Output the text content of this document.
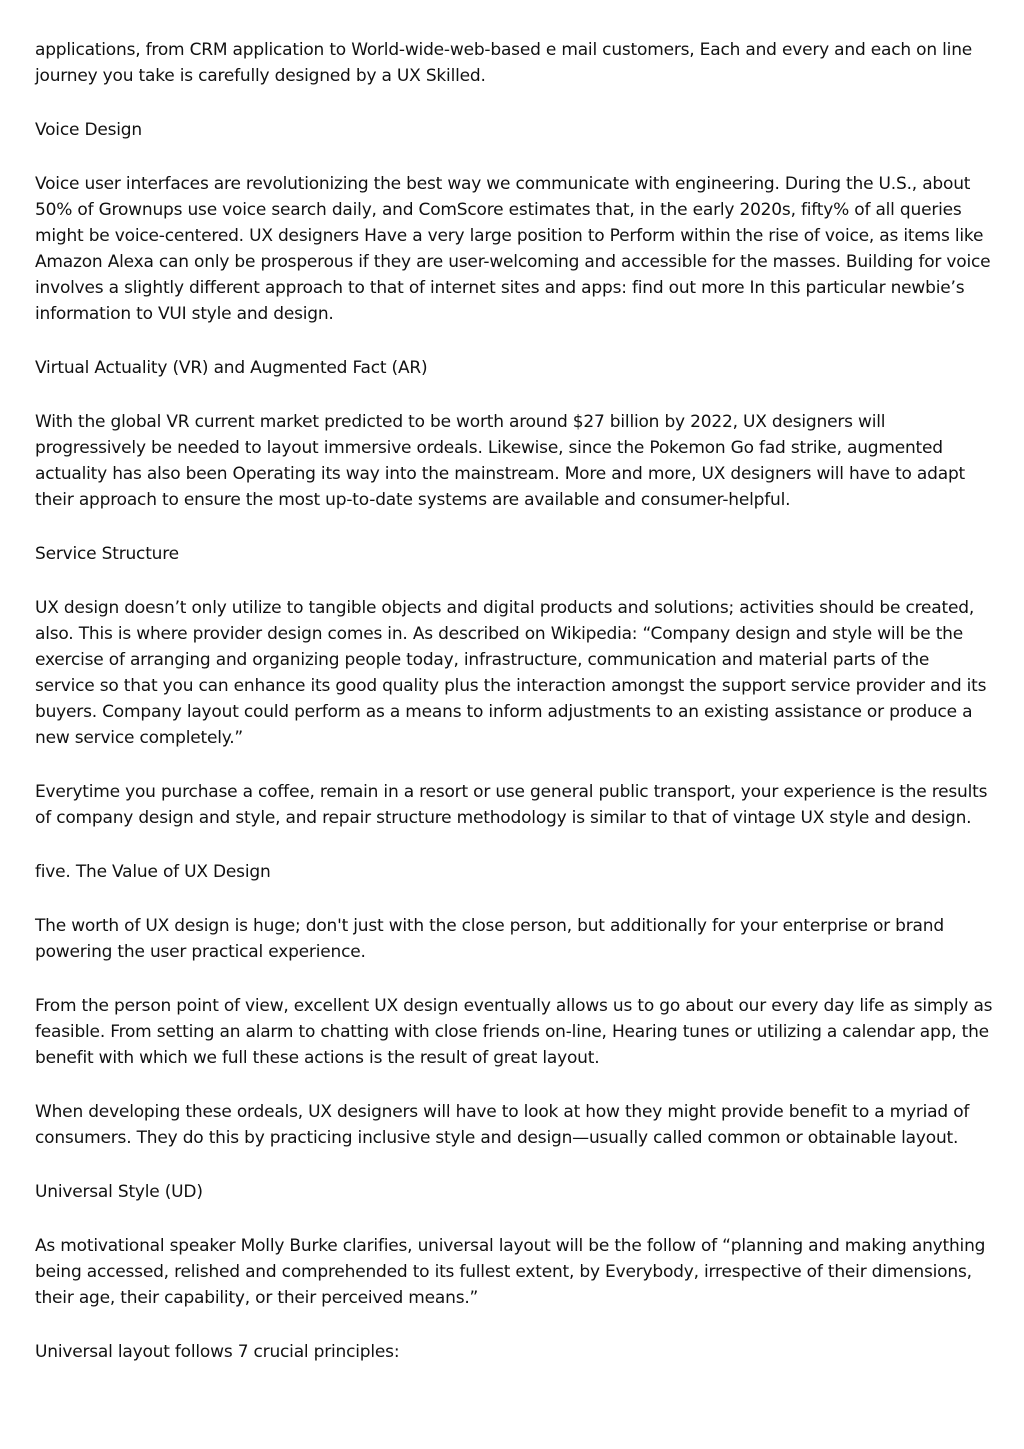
applications, from CRM application to World-wide-web-based e mail customers, Each and every and each on line journey you take is carefully designed by a UX Skilled.

Voice Design

Voice user interfaces are revolutionizing the best way we communicate with engineering. During the U.S., about 50% of Grownups use voice search daily, and ComScore estimates that, in the early 2020s, fifty% of all queries might be voice-centered. UX designers Have a very large position to Perform within the rise of voice, as items like Amazon Alexa can only be prosperous if they are user-welcoming and accessible for the masses. Building for voice involves a slightly different approach to that of internet sites and apps: find out more In this particular newbie’s information to VUI style and design.

Virtual Actuality (VR) and Augmented Fact (AR)

With the global VR current market predicted to be worth around $27 billion by 2022, UX designers will progressively be needed to layout immersive ordeals. Likewise, since the Pokemon Go fad strike, augmented actuality has also been Operating its way into the mainstream. More and more, UX designers will have to adapt their approach to ensure the most up-to-date systems are available and consumer-helpful.

Service Structure

UX design doesn’t only utilize to tangible objects and digital products and solutions; activities should be created, also. This is where provider design comes in. As described on Wikipedia: “Company design and style will be the exercise of arranging and organizing people today, infrastructure, communication and material parts of the service so that you can enhance its good quality plus the interaction amongst the support service provider and its buyers. Company layout could perform as a means to inform adjustments to an existing assistance or produce a new service completely.”

Everytime you purchase a coffee, remain in a resort or use general public transport, your experience is the results of company design and style, and repair structure methodology is similar to that of vintage UX style and design.

five. The Value of UX Design

The worth of UX design is huge; don't just with the close person, but additionally for your enterprise or brand powering the user practical experience.

From the person point of view, excellent UX design eventually allows us to go about our every day life as simply as feasible. From setting an alarm to chatting with close friends on-line, Hearing tunes or utilizing a calendar app, the benefit with which we full these actions is the result of great layout.

When developing these ordeals, UX designers will have to look at how they might provide benefit to a myriad of consumers. They do this by practicing inclusive style and design—usually called common or obtainable layout.

Universal Style (UD)

As motivational speaker Molly Burke clarifies, universal layout will be the follow of “planning and making anything being accessed, relished and comprehended to its fullest extent, by Everybody, irrespective of their dimensions, their age, their capability, or their perceived means.”

Universal layout follows 7 crucial principles:
